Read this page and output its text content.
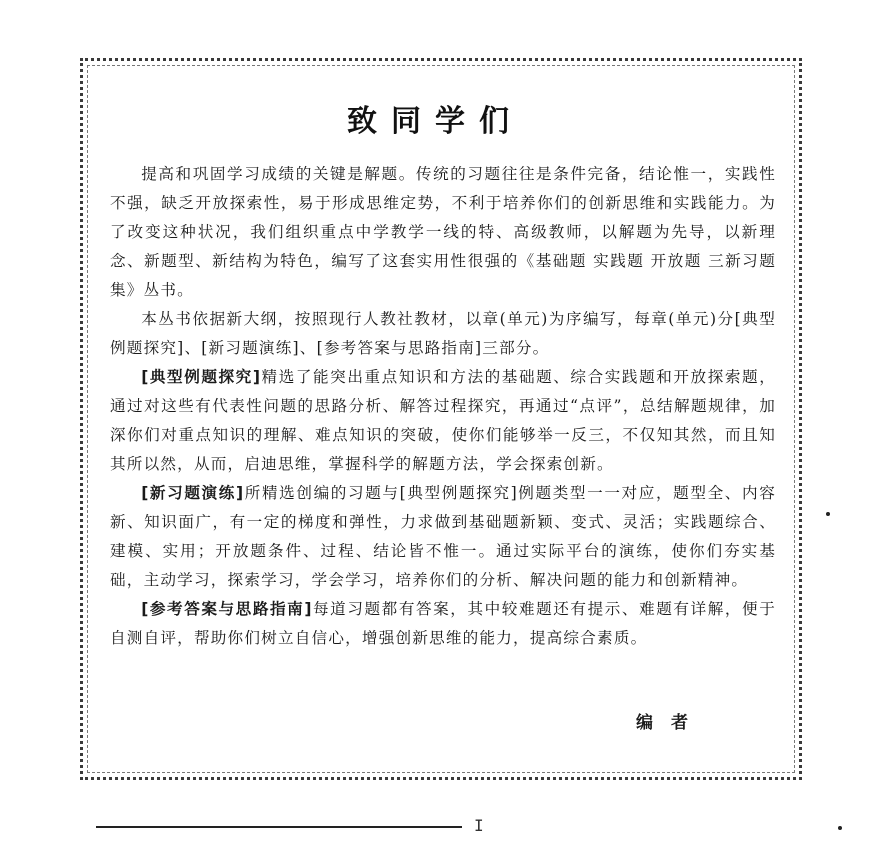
致同学们

提高和巩固学习成绩的关键是解题。传统的习题往往是条件完备，结论惟一，实践性不强，缺乏开放探索性，易于形成思维定势，不利于培养你们的创新思维和实践能力。为了改变这种状况，我们组织重点中学教学一线的特、高级教师，以解题为先导，以新理念、新题型、新结构为特色，编写了这套实用性很强的《基础题 实践题 开放题 三新习题集》丛书。

本丛书依据新大纲，按照现行人教社教材，以章(单元)为序编写，每章(单元)分[典型例题探究]、[新习题演练]、[参考答案与思路指南]三部分。

[典型例题探究]精选了能突出重点知识和方法的基础题、综合实践题和开放探索题，通过对这些有代表性问题的思路分析、解答过程探究，再通过“点评”，总结解题规律，加深你们对重点知识的理解、难点知识的突破，使你们能够举一反三，不仅知其然，而且知其所以然，从而，启迪思维，掌握科学的解题方法，学会探索创新。

[新习题演练]所精选创编的习题与[典型例题探究]例题类型一一对应，题型全、内容新、知识面广，有一定的梯度和弹性，力求做到基础题新颖、变式、灵活；实践题综合、建模、实用；开放题条件、过程、结论皆不惟一。通过实际平台的演练，使你们夯实基础，主动学习，探索学习，学会学习，培养你们的分析、解决问题的能力和创新精神。

[参考答案与思路指南]每道习题都有答案，其中较难题还有提示、难题有详解，便于自测自评，帮助你们树立自信心，增强创新思维的能力，提高综合素质。

编者
I
